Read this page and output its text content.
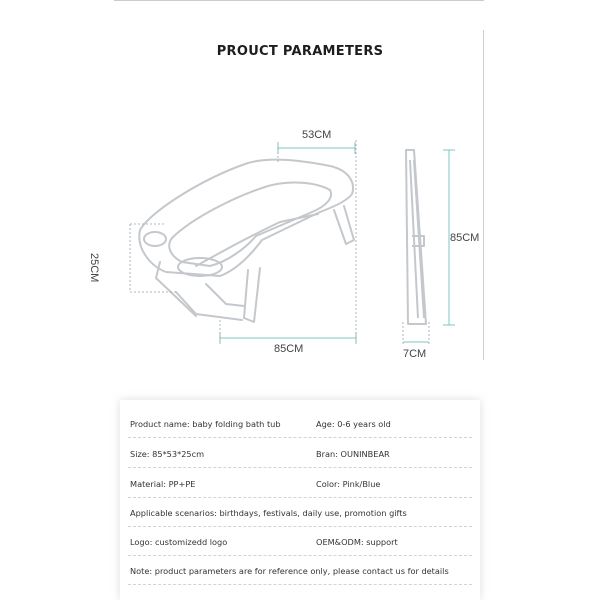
PROUCT PARAMETERS
53CM
25CM
85CM
85CM
7CM
Product name: baby folding bath tub	Age: 0-6 years old
Size: 85*53*25cm	Bran: OUNINBEAR
Material: PP+PE	Color: Pink/Blue
Applicable scenarios: birthdays, festivals, daily use, promotion gifts
Logo: customizedd logo	OEM&ODM: support
Note: product parameters are for reference only, please contact us for details
